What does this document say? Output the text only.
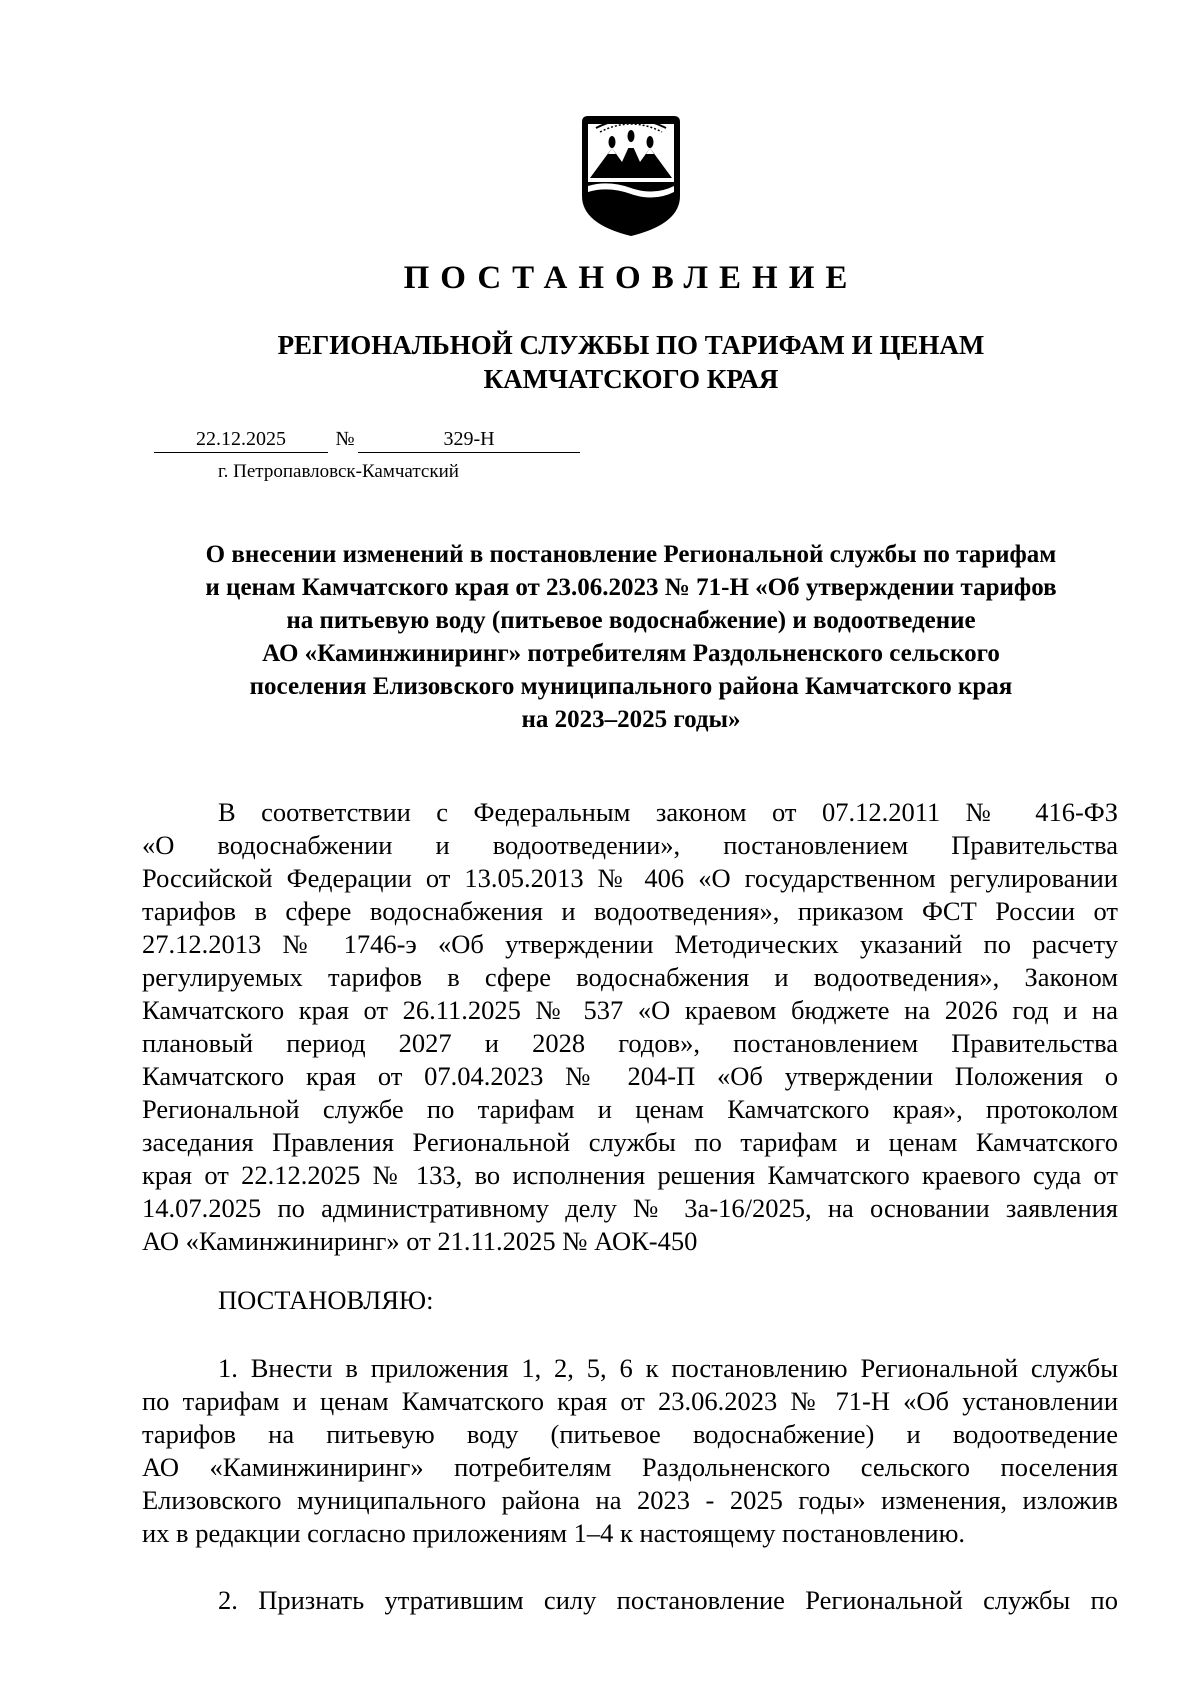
ПОСТАНОВЛЕНИЕ
РЕГИОНАЛЬНОЙ СЛУЖБЫ ПО ТАРИФАМ И ЦЕНАМ
КАМЧАТСКОГО КРАЯ
22.12.2025	№	329-Н
г. Петропавловск-Камчатский
О внесении изменений в постановление Региональной службы по тарифам
и ценам Камчатского края от 23.06.2023 № 71-Н «Об утверждении тарифов
на питьевую воду (питьевое водоснабжение) и водоотведение
АО «Каминжиниринг» потребителям Раздольненского сельского
поселения Елизовского муниципального района Камчатского края
на 2023–2025 годы»
В соответствии с Федеральным законом от 07.12.2011 № 416-ФЗ
«О водоснабжении и водоотведении», постановлением Правительства
Российской Федерации от 13.05.2013 № 406 «О государственном регулировании
тарифов в сфере водоснабжения и водоотведения», приказом ФСТ России от
27.12.2013 № 1746-э «Об утверждении Методических указаний по расчету
регулируемых тарифов в сфере водоснабжения и водоотведения», Законом
Камчатского края от 26.11.2025 № 537 «О краевом бюджете на 2026 год и на
плановый период 2027 и 2028 годов», постановлением Правительства
Камчатского края от 07.04.2023 № 204-П «Об утверждении Положения о
Региональной службе по тарифам и ценам Камчатского края», протоколом
заседания Правления Региональной службы по тарифам и ценам Камчатского
края от 22.12.2025 № 133, во исполнения решения Камчатского краевого суда от
14.07.2025 по административному делу № 3а-16/2025, на основании заявления
АО «Каминжиниринг» от 21.11.2025 № АОК-450
ПОСТАНОВЛЯЮ:
1. Внести в приложения 1, 2, 5, 6 к постановлению Региональной службы
по тарифам и ценам Камчатского края от 23.06.2023 № 71-Н «Об установлении
тарифов на питьевую воду (питьевое водоснабжение) и водоотведение
АО «Каминжиниринг» потребителям Раздольненского сельского поселения
Елизовского муниципального района на 2023 - 2025 годы» изменения, изложив
их в редакции согласно приложениям 1–4 к настоящему постановлению.
2. Признать утратившим силу постановление Региональной службы по
